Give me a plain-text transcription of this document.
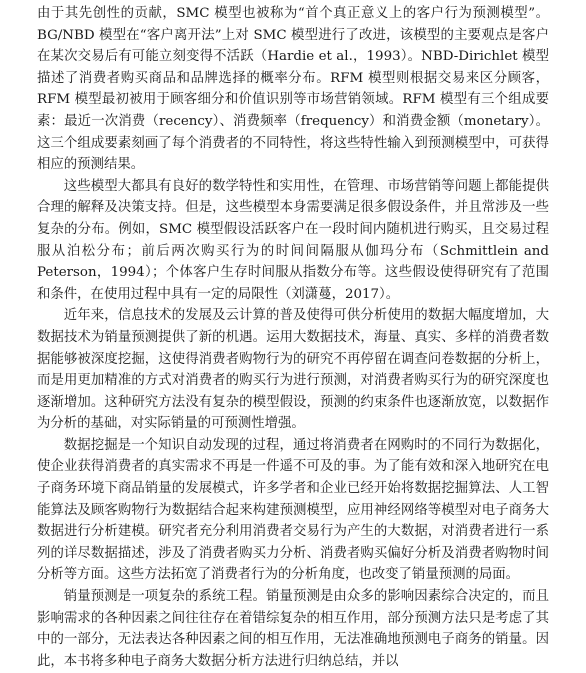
由于其先创性的贡献，SMC 模型也被称为“首个真正意义上的客户行为预测模型”。BG/NBD 模型在“客户离开法”上对 SMC 模型进行了改进，该模型的主要观点是客户在某次交易后有可能立刻变得不活跃（Hardie et al.，1993）。NBD-Dirichlet 模型描述了消费者购买商品和品牌选择的概率分布。RFM 模型则根据交易来区分顾客，RFM 模型最初被用于顾客细分和价值识别等市场营销领域。RFM 模型有三个组成要素：最近一次消费（recency）、消费频率（frequency）和消费金额（monetary）。这三个组成要素刻画了每个消费者的不同特性，将这些特性输入到预测模型中，可获得相应的预测结果。

这些模型大都具有良好的数学特性和实用性，在管理、市场营销等问题上都能提供合理的解释及决策支持。但是，这些模型本身需要满足很多假设条件，并且常涉及一些复杂的分布。例如，SMC 模型假设活跃客户在一段时间内随机进行购买，且交易过程服从泊松分布；前后两次购买行为的时间间隔服从伽玛分布（Schmittlein and Peterson，1994）；个体客户生存时间服从指数分布等。这些假设使得研究有了范围和条件，在使用过程中具有一定的局限性（刘潇蔓，2017）。

近年来，信息技术的发展及云计算的普及使得可供分析使用的数据大幅度增加，大数据技术为销量预测提供了新的机遇。运用大数据技术，海量、真实、多样的消费者数据能够被深度挖掘，这使得消费者购物行为的研究不再停留在调查问卷数据的分析上，而是用更加精准的方式对消费者的购买行为进行预测，对消费者购买行为的研究深度也逐渐增加。这种研究方法没有复杂的模型假设，预测的约束条件也逐渐放宽，以数据作为分析的基础，对实际销量的可预测性增强。

数据挖掘是一个知识自动发现的过程，通过将消费者在网购时的不同行为数据化，使企业获得消费者的真实需求不再是一件遥不可及的事。为了能有效和深入地研究在电子商务环境下商品销量的发展模式，许多学者和企业已经开始将数据挖掘算法、人工智能算法及顾客购物行为数据结合起来构建预测模型，应用神经网络等模型对电子商务大数据进行分析建模。研究者充分利用消费者交易行为产生的大数据，对消费者进行一系列的详尽数据描述，涉及了消费者购买力分析、消费者购买偏好分析及消费者购物时间分析等方面。这些方法拓宽了消费者行为的分析角度，也改变了销量预测的局面。

销量预测是一项复杂的系统工程。销量预测是由众多的影响因素综合决定的，而且影响需求的各种因素之间往往存在着错综复杂的相互作用，部分预测方法只是考虑了其中的一部分，无法表达各种因素之间的相互作用，无法准确地预测电子商务的销量。因此，本书将多种电子商务大数据分析方法进行归纳总结，并以
